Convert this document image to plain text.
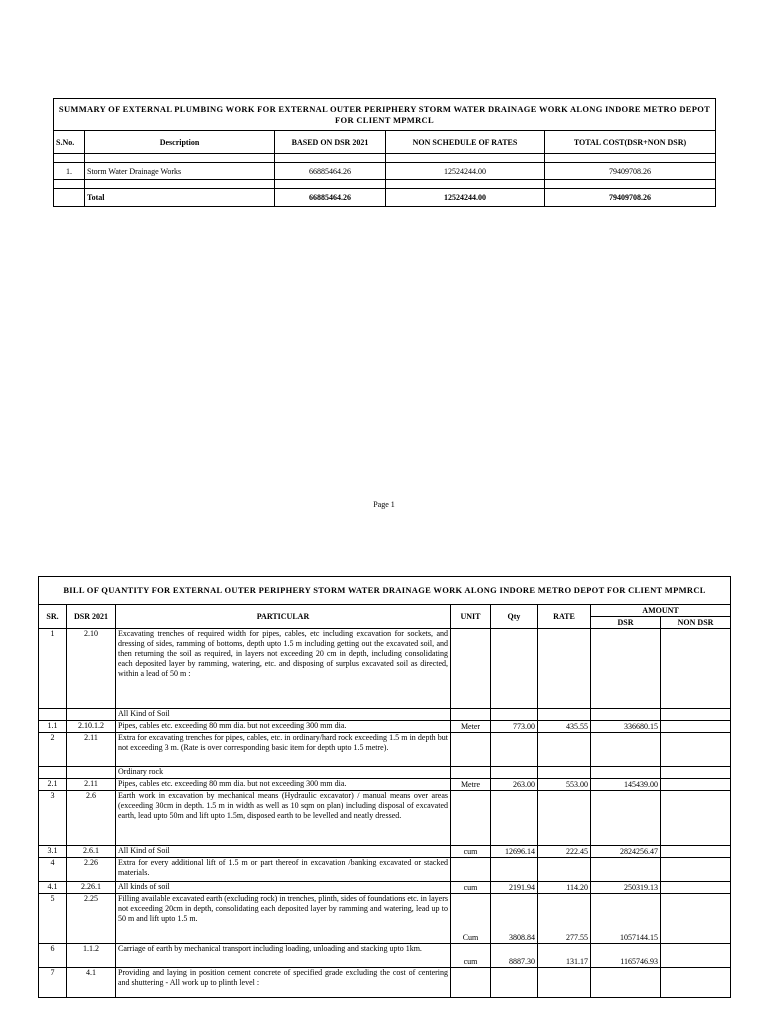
SUMMARY OF EXTERNAL PLUMBING WORK FOR EXTERNAL OUTER PERIPHERY STORM WATER DRAINAGE WORK ALONG INDORE METRO DEPOT FOR CLIENT MPMRCL				
S.No.	Description	BASED ON DSR 2021	NON SCHEDULE OF RATES	TOTAL COST(DSR+NON DSR)

1.	Storm Water Drainage Works	66885464.26	12524244.00	79409708.26

	Total	66885464.26	12524244.00	79409708.26
Page 1
BILL OF QUANTITY FOR EXTERNAL OUTER PERIPHERY STORM WATER DRAINAGE WORK ALONG INDORE METRO DEPOT FOR CLIENT MPMRCL							
SR.	DSR 2021	PARTICULAR	UNIT	Qty	RATE	AMOUNT	
						DSR	NON DSR
1	2.10	Excavating trenches of required width for pipes, cables, etc including excavation for sockets, and dressing of sides, ramming of bottoms, depth upto 1.5 m including getting out the excavated soil, and then returning the soil as required, in layers not exceeding 20 cm in depth, including consolidating each deposited layer by ramming, watering, etc. and disposing of surplus excavated soil as directed, within a lead of 50 m :					
		All Kind of Soil					
1.1	2.10.1.2	Pipes, cables etc. exceeding 80 mm dia. but not exceeding 300 mm dia.	Meter	773.00	435.55	336680.15	
2	2.11	Extra for excavating trenches for pipes, cables, etc. in ordinary/hard rock exceeding 1.5 m in depth but not exceeding 3 m. (Rate is over corresponding basic item for depth upto 1.5 metre).					
		Ordinary rock					
2.1	2.11	Pipes, cables etc. exceeding 80 mm dia. but not exceeding 300 mm dia.	Metre	263.00	553.00	145439.00	
3	2.6	Earth work in excavation by mechanical means (Hydraulic excavator) / manual means over areas (exceeding 30cm in depth. 1.5 m in width as well as 10 sqm on plan) including disposal of excavated earth, lead upto 50m and lift upto 1.5m, disposed earth to be levelled and neatly dressed.					
3.1	2.6.1	All Kind of Soil	cum	12696.14	222.45	2824256.47	
4	2.26	Extra for every additional lift of 1.5 m or part thereof in excavation /banking excavated or stacked materials.					
4.1	2.26.1	All kinds of soil	cum	2191.94	114.20	250319.13	
5	2.25	Filling available excavated earth (excluding rock) in trenches, plinth, sides of foundations etc. in layers not exceeding 20cm in depth, consolidating each deposited layer by ramming and watering, lead up to 50 m and lift upto 1.5 m.	Cum	3808.84	277.55	1057144.15	
6	1.1.2	Carriage of earth by mechanical transport including loading, unloading and stacking upto 1km.	cum	8887.30	131.17	1165746.93	
7	4.1	Providing and laying in position cement concrete of specified grade excluding the cost of centering and shuttering - All work up to plinth level :					
